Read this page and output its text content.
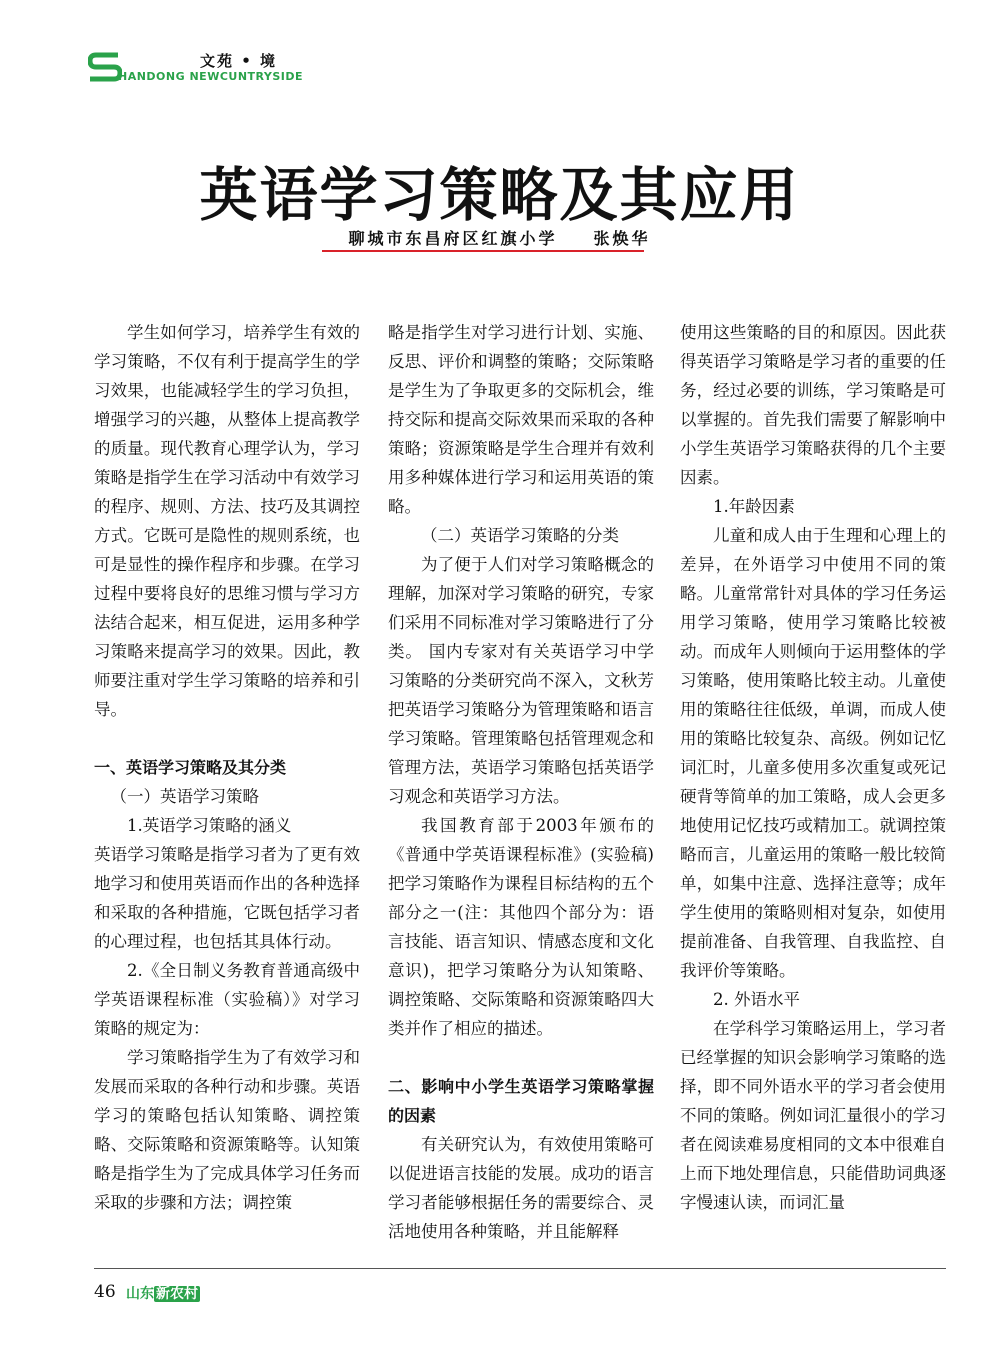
文苑 • 境
HANDONG NEWCUNTRYSIDE
英语学习策略及其应用
聊城市东昌府区红旗小学 张焕华

学生如何学习，培养学生有效的学习策略，不仅有利于提高学生的学习效果，也能减轻学生的学习负担，增强学习的兴趣，从整体上提高教学的质量。现代教育心理学认为，学习策略是指学生在学习活动中有效学习的程序、规则、方法、技巧及其调控方式。它既可是隐性的规则系统，也可是显性的操作程序和步骤。在学习过程中要将良好的思维习惯与学习方法结合起来，相互促进，运用多种学习策略来提高学习的效果。因此，教师要注重对学生学习策略的培养和引导。

一、英语学习策略及其分类

（一）英语学习策略

1.英语学习策略的涵义

英语学习策略是指学习者为了更有效地学习和使用英语而作出的各种选择和采取的各种措施，它既包括学习者的心理过程，也包括其具体行动。

2.《全日制义务教育普通高级中学英语课程标准（实验稿）》对学习策略的规定为：

学习策略指学生为了有效学习和发展而采取的各种行动和步骤。英语学习的策略包括认知策略、调控策略、交际策略和资源策略等。认知策略是指学生为了完成具体学习任务而采取的步骤和方法；调控策

略是指学生对学习进行计划、实施、反思、评价和调整的策略；交际策略是学生为了争取更多的交际机会，维持交际和提高交际效果而采取的各种策略；资源策略是学生合理并有效利用多种媒体进行学习和运用英语的策略。

（二）英语学习策略的分类

为了便于人们对学习策略概念的理解，加深对学习策略的研究，专家们采用不同标准对学习策略进行了分类。 国内专家对有关英语学习中学习策略的分类研究尚不深入，文秋芳把英语学习策略分为管理策略和语言学习策略。管理策略包括管理观念和管理方法，英语学习策略包括英语学习观念和英语学习方法。

我国教育部于2003年颁布的《普通中学英语课程标准》(实验稿)把学习策略作为课程目标结构的五个部分之一(注：其他四个部分为：语言技能、语言知识、情感态度和文化意识)，把学习策略分为认知策略、调控策略、交际策略和资源策略四大类并作了相应的描述。

二、影响中小学生英语学习策略掌握的因素

有关研究认为，有效使用策略可以促进语言技能的发展。成功的语言学习者能够根据任务的需要综合、灵活地使用各种策略，并且能解释

使用这些策略的目的和原因。因此获得英语学习策略是学习者的重要的任务，经过必要的训练，学习策略是可以掌握的。首先我们需要了解影响中小学生英语学习策略获得的几个主要因素。

1.年龄因素

儿童和成人由于生理和心理上的差异，在外语学习中使用不同的策略。儿童常常针对具体的学习任务运用学习策略，使用学习策略比较被动。而成年人则倾向于运用整体的学习策略，使用策略比较主动。儿童使用的策略往往低级，单调，而成人使用的策略比较复杂、高级。例如记忆词汇时，儿童多使用多次重复或死记硬背等简单的加工策略，成人会更多地使用记忆技巧或精加工。就调控策略而言，儿童运用的策略一般比较简单，如集中注意、选择注意等；成年学生使用的策略则相对复杂，如使用提前准备、自我管理、自我监控、自我评价等策略。

2. 外语水平

在学科学习策略运用上，学习者已经掌握的知识会影响学习策略的选择，即不同外语水平的学习者会使用不同的策略。例如词汇量很小的学习者在阅读难易度相同的文本中很难自上而下地处理信息，只能借助词典逐字慢速认读，而词汇量

46 山东 新农村
